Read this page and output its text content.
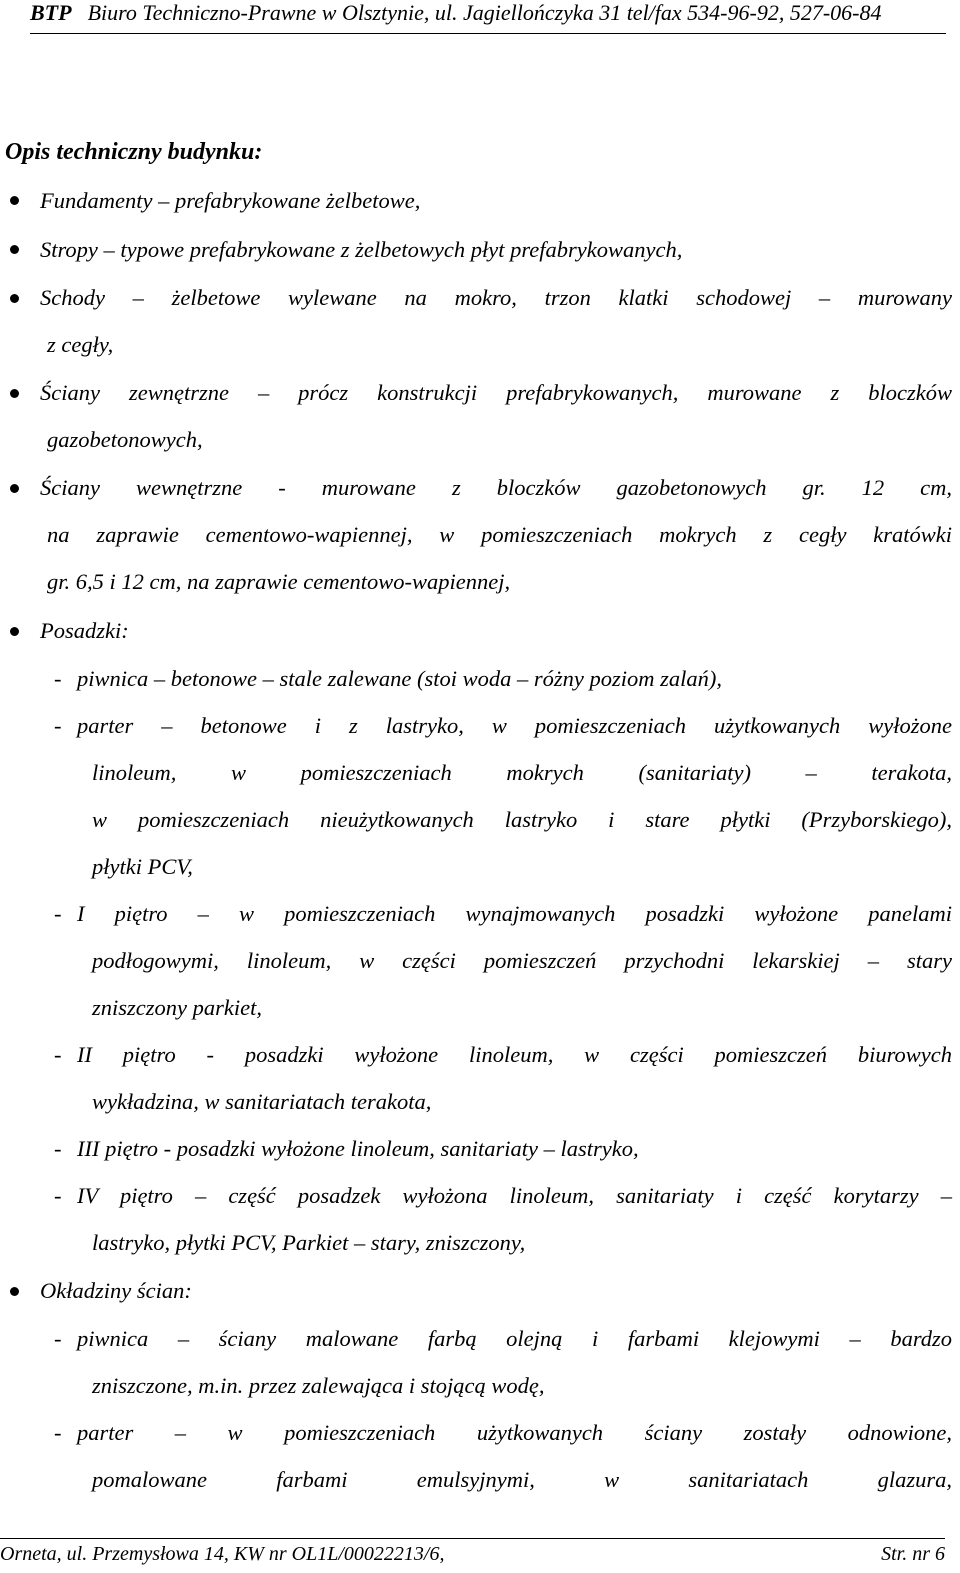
BTP Biuro Techniczno-Prawne w Olsztynie, ul. Jagiellończyka 31 tel/fax 534-96-92, 527-06-84
Opis techniczny budynku:
Fundamenty – prefabrykowane żelbetowe,
Stropy – typowe prefabrykowane z żelbetowych płyt prefabrykowanych,
Schody – żelbetowe wylewane na mokro, trzon klatki schodowej – murowany
z cegły,
Ściany zewnętrzne – prócz konstrukcji prefabrykowanych, murowane z bloczków
gazobetonowych,
Ściany wewnętrzne - murowane z bloczków gazobetonowych gr. 12 cm,
na zaprawie cementowo-wapiennej, w pomieszczeniach mokrych z cegły kratówki
gr. 6,5 i 12 cm, na zaprawie cementowo-wapiennej,
Posadzki:
- piwnica – betonowe – stale zalewane (stoi woda – różny poziom zalań),
- parter – betonowe i z lastryko, w pomieszczeniach użytkowanych wyłożone
linoleum, w pomieszczeniach mokrych (sanitariaty) – terakota,
w pomieszczeniach nieużytkowanych lastryko i stare płytki (Przyborskiego),
płytki PCV,
- I piętro – w pomieszczeniach wynajmowanych posadzki wyłożone panelami
podłogowymi, linoleum, w części pomieszczeń przychodni lekarskiej – stary
zniszczony parkiet,
- II piętro - posadzki wyłożone linoleum, w części pomieszczeń biurowych
wykładzina, w sanitariatach terakota,
- III piętro - posadzki wyłożone linoleum, sanitariaty – lastryko,
- IV piętro – część posadzek wyłożona linoleum, sanitariaty i część korytarzy –
lastryko, płytki PCV, Parkiet – stary, zniszczony,
Okładziny ścian:
- piwnica – ściany malowane farbą olejną i farbami klejowymi – bardzo
zniszczone, m.in. przez zalewająca i stojącą wodę,
- parter – w pomieszczeniach użytkowanych ściany zostały odnowione,
pomalowane farbami emulsyjnymi, w sanitariatach glazura,
Orneta, ul. Przemysłowa 14, KW nr OL1L/00022213/6,	Str. nr 6
